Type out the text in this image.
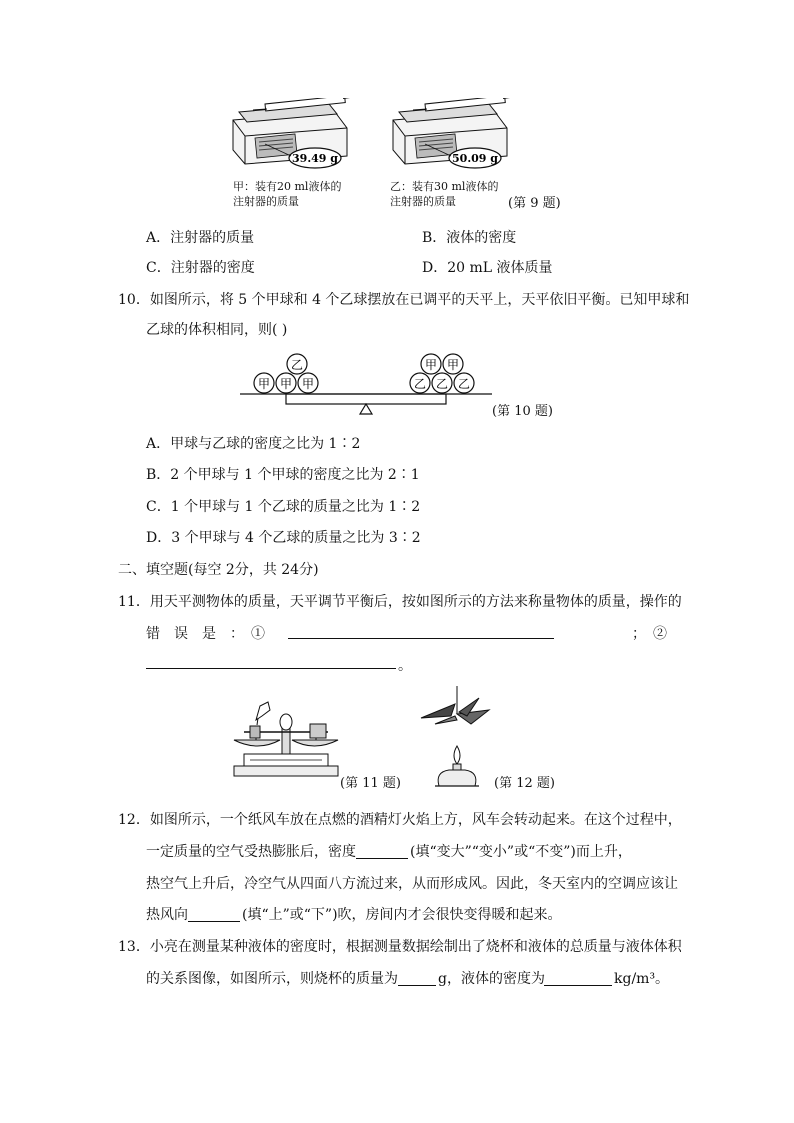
39.49 g	50.09 g
甲：装有20 ml液体的
注射器的质量
乙：装有30 ml液体的
注射器的质量	(第 9 题)
A．注射器的质量	B．液体的密度
C．注射器的密度	D．20 mL 液体质量
10．如图所示，将 5 个甲球和 4 个乙球摆放在已调平的天平上，天平依旧平衡。已知甲球和
乙球的体积相同，则( )
甲 甲 甲
乙
乙 乙 乙
甲 甲
(第 10 题)
A．甲球与乙球的密度之比为 1∶2
B．2 个甲球与 1 个甲球的密度之比为 2∶1
C．1 个甲球与 1 个乙球的质量之比为 1∶2
D．3 个甲球与 4 个乙球的质量之比为 3∶2
二、填空题(每空 2分，共 24分)
11．用天平测物体的质量，天平调节平衡后，按如图所示的方法来称量物体的质量，操作的
错　误　是　：　①	；　②
。
(第 11 题)	(第 12 题)
12．如图所示，一个纸风车放在点燃的酒精灯火焰上方，风车会转动起来。在这个过程中，
一定质量的空气受热膨胀后，密度	(填“变大”“变小”或“不变”)而上升，
热空气上升后，冷空气从四面八方流过来，从而形成风。因此，冬天室内的空调应该让
热风向	(填“上”或“下”)吹，房间内才会很快变得暖和起来。
13．小亮在测量某种液体的密度时，根据测量数据绘制出了烧杯和液体的总质量与液体体积
的关系图像，如图所示，则烧杯的质量为	g，液体的密度为	kg/m³。
